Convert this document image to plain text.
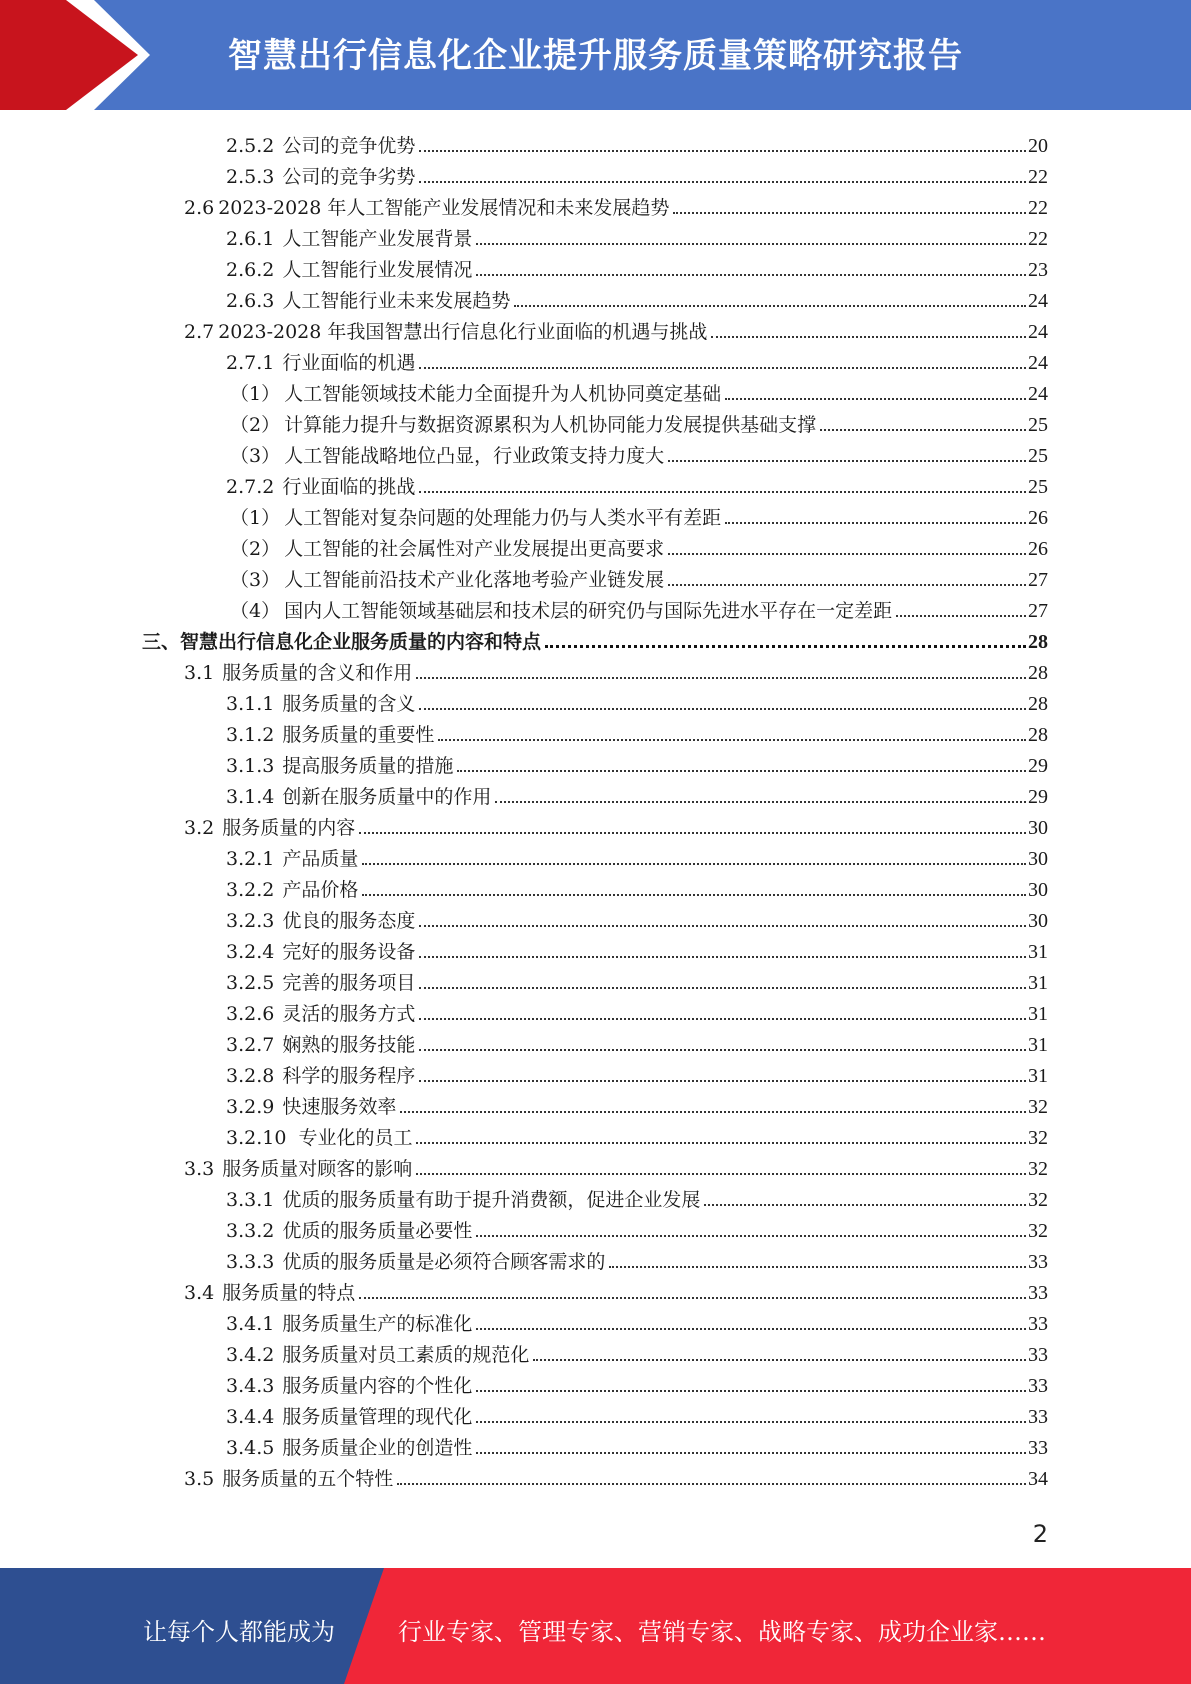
智慧出行信息化企业提升服务质量策略研究报告
2.5.2 公司的竞争优势	20
2.5.3 公司的竞争劣势	22
2.6 2023-2028 年人工智能产业发展情况和未来发展趋势	22
2.6.1 人工智能产业发展背景	22
2.6.2 人工智能行业发展情况	23
2.6.3 人工智能行业未来发展趋势	24
2.7 2023-2028 年我国智慧出行信息化行业面临的机遇与挑战	24
2.7.1 行业面临的机遇	24
（1） 人工智能领域技术能力全面提升为人机协同奠定基础	24
（2） 计算能力提升与数据资源累积为人机协同能力发展提供基础支撑	25
（3） 人工智能战略地位凸显，行业政策支持力度大	25
2.7.2 行业面临的挑战	25
（1） 人工智能对复杂问题的处理能力仍与人类水平有差距	26
（2） 人工智能的社会属性对产业发展提出更高要求	26
（3） 人工智能前沿技术产业化落地考验产业链发展	27
（4） 国内人工智能领域基础层和技术层的研究仍与国际先进水平存在一定差距	27
三、 智慧出行信息化企业服务质量的内容和特点	28
3.1 服务质量的含义和作用	28
3.1.1 服务质量的含义	28
3.1.2 服务质量的重要性	28
3.1.3 提高服务质量的措施	29
3.1.4 创新在服务质量中的作用	29
3.2 服务质量的内容	30
3.2.1 产品质量	30
3.2.2 产品价格	30
3.2.3 优良的服务态度	30
3.2.4 完好的服务设备	31
3.2.5 完善的服务项目	31
3.2.6 灵活的服务方式	31
3.2.7 娴熟的服务技能	31
3.2.8 科学的服务程序	31
3.2.9 快速服务效率	32
3.2.10 专业化的员工	32
3.3 服务质量对顾客的影响	32
3.3.1 优质的服务质量有助于提升消费额，促进企业发展	32
3.3.2 优质的服务质量必要性	32
3.3.3 优质的服务质量是必须符合顾客需求的	33
3.4 服务质量的特点	33
3.4.1 服务质量生产的标准化	33
3.4.2 服务质量对员工素质的规范化	33
3.4.3 服务质量内容的个性化	33
3.4.4 服务质量管理的现代化	33
3.4.5 服务质量企业的创造性	33
3.5 服务质量的五个特性	34
2
让每个人都能成为	行业专家、管理专家、营销专家、战略专家、成功企业家……
